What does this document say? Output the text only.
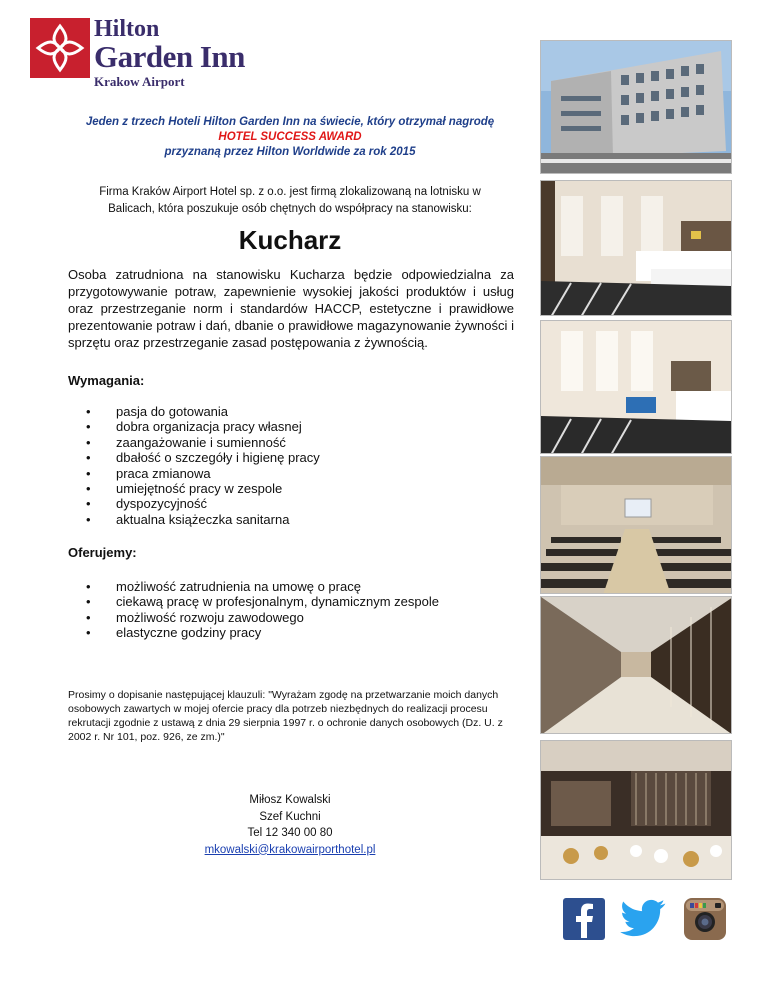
Hilton
Garden Inn
Krakow Airport
Jeden z trzech Hoteli Hilton Garden Inn na świecie, który otrzymał nagrodę
HOTEL SUCCESS AWARD
przyznaną przez Hilton Worldwide za rok 2015
Firma Kraków Airport Hotel sp. z o.o. jest firmą zlokalizowaną na lotnisku w
Balicach, która poszukuje osób chętnych do współpracy na stanowisku:
Kucharz
Osoba zatrudniona na stanowisku Kucharza będzie odpowiedzialna za przygotowywanie potraw, zapewnienie wysokiej jakości produktów i usług oraz przestrzeganie norm i standardów HACCP, estetyczne i prawidłowe prezentowanie potraw i dań, dbanie o prawidłowe magazynowanie żywności i sprzętu oraz przestrzeganie zasad postępowania z żywnością.
Wymagania:
• pasja do gotowania
• dobra organizacja pracy własnej
• zaangażowanie i sumienność
• dbałość o szczegóły i higienę pracy
• praca zmianowa
• umiejętność pracy w zespole
• dyspozycyjność
• aktualna książeczka sanitarna
Oferujemy:
• możliwość zatrudnienia na umowę o pracę
• ciekawą pracę w profesjonalnym, dynamicznym zespole
• możliwość rozwoju zawodowego
• elastyczne godziny pracy
Prosimy o dopisanie następującej klauzuli: "Wyrażam zgodę na przetwarzanie moich danych osobowych zawartych w mojej ofercie pracy dla potrzeb niezbędnych do realizacji procesu rekrutacji zgodnie z ustawą z dnia 29 sierpnia 1997 r. o ochronie danych osobowych (Dz. U. z 2002 r. Nr 101, poz. 926, ze zm.)"
Miłosz Kowalski
Szef Kuchni
Tel 12 340 00 80
mkowalski@krakowairporthotel.pl
